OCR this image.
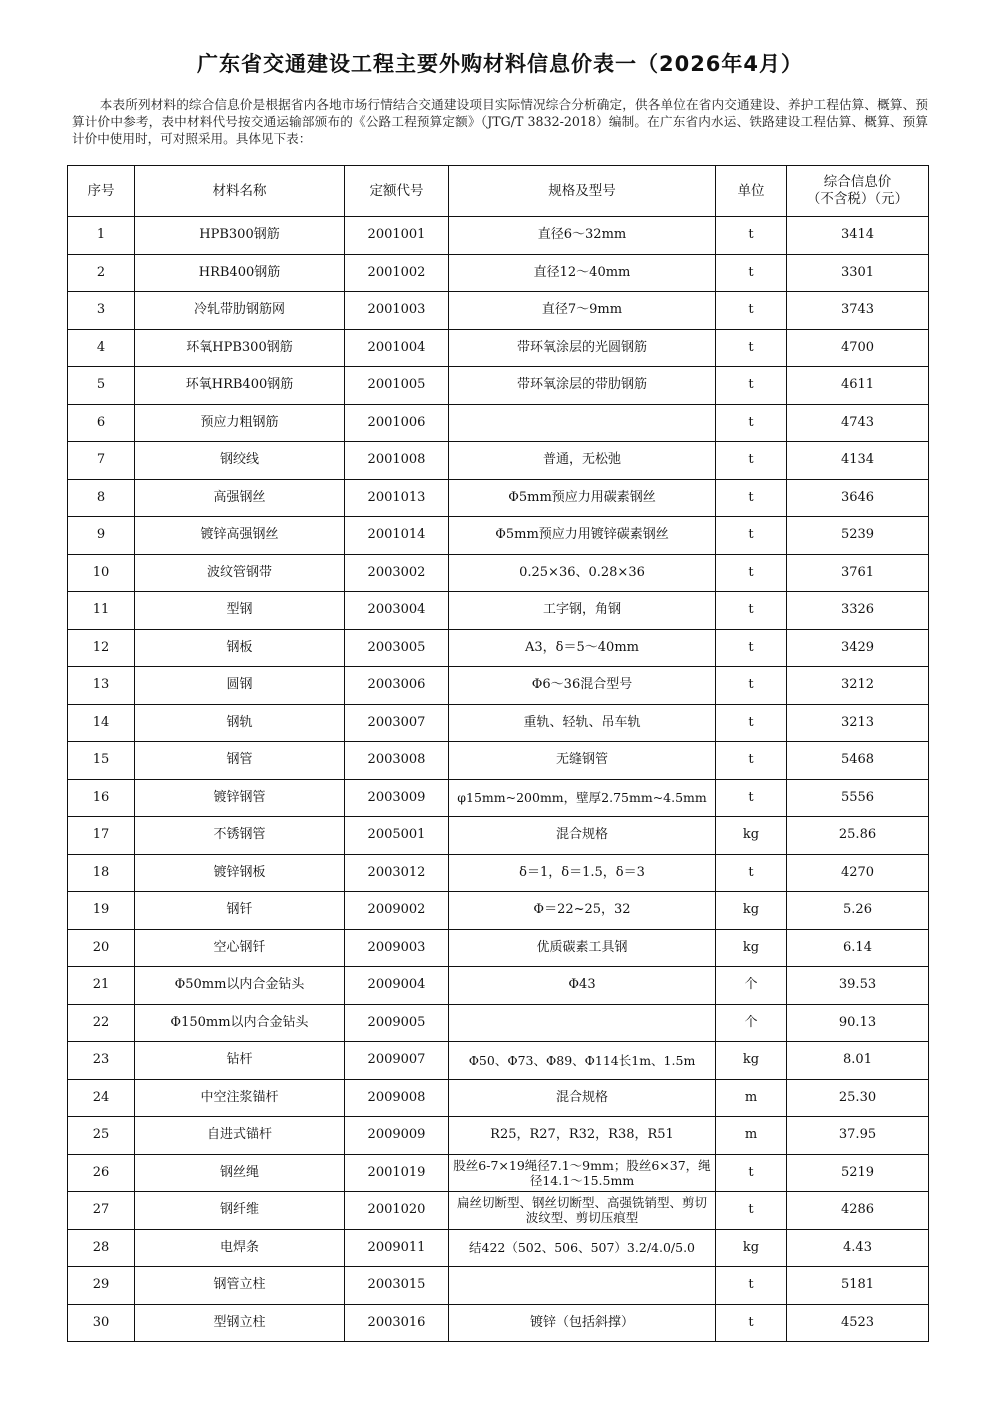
广东省交通建设工程主要外购材料信息价表一（2026年4月）
本表所列材料的综合信息价是根据省内各地市场行情结合交通建设项目实际情况综合分析确定，供各单位在省内交通建设、养护工程估算、概算、预算计价中参考，表中材料代号按交通运输部颁布的《公路工程预算定额》（JTG/T 3832-2018）编制。在广东省内水运、铁路建设工程估算、概算、预算计价中使用时，可对照采用。具体见下表：
序号	材料名称	定额代号	规格及型号	单位	综合信息价
（不含税）（元）

1	HPB300钢筋	2001001	直径6～32mm	t	3414
2	HRB400钢筋	2001002	直径12～40mm	t	3301
3	冷轧带肋钢筋网	2001003	直径7～9mm	t	3743
4	环氧HPB300钢筋	2001004	带环氧涂层的光圆钢筋	t	4700
5	环氧HRB400钢筋	2001005	带环氧涂层的带肋钢筋	t	4611
6	预应力粗钢筋	2001006		t	4743
7	钢绞线	2001008	普通，无松弛	t	4134
8	高强钢丝	2001013	Φ5mm预应力用碳素钢丝	t	3646
9	镀锌高强钢丝	2001014	Φ5mm预应力用镀锌碳素钢丝	t	5239
10	波纹管钢带	2003002	0.25×36、0.28×36	t	3761
11	型钢	2003004	工字钢，角钢	t	3326
12	钢板	2003005	A3，δ＝5～40mm	t	3429
13	圆钢	2003006	Φ6～36混合型号	t	3212
14	钢轨	2003007	重轨、轻轨、吊车轨	t	3213
15	钢管	2003008	无缝钢管	t	5468
16	镀锌钢管	2003009	φ15mm~200mm，壁厚2.75mm~4.5mm	t	5556
17	不锈钢管	2005001	混合规格	kg	25.86
18	镀锌钢板	2003012	δ＝1，δ＝1.5，δ＝3	t	4270
19	钢钎	2009002	Φ＝22~25，32	kg	5.26
20	空心钢钎	2009003	优质碳素工具钢	kg	6.14
21	Φ50mm以内合金钻头	2009004	Φ43	个	39.53
22	Φ150mm以内合金钻头	2009005		个	90.13
23	钻杆	2009007	Φ50、Φ73、Φ89、Φ114长1m、1.5m	kg	8.01
24	中空注浆锚杆	2009008	混合规格	m	25.30
25	自进式锚杆	2009009	R25，R27，R32，R38，R51	m	37.95
26	钢丝绳	2001019	股丝6-7×19绳径7.1～9mm；股丝6×37，绳径14.1～15.5mm	t	5219
27	钢纤维	2001020	扁丝切断型、钢丝切断型、高强铣销型、剪切波纹型、剪切压痕型	t	4286
28	电焊条	2009011	结422（502、506、507）3.2/4.0/5.0	kg	4.43
29	钢管立柱	2003015		t	5181
30	型钢立柱	2003016	镀锌（包括斜撑）	t	4523
